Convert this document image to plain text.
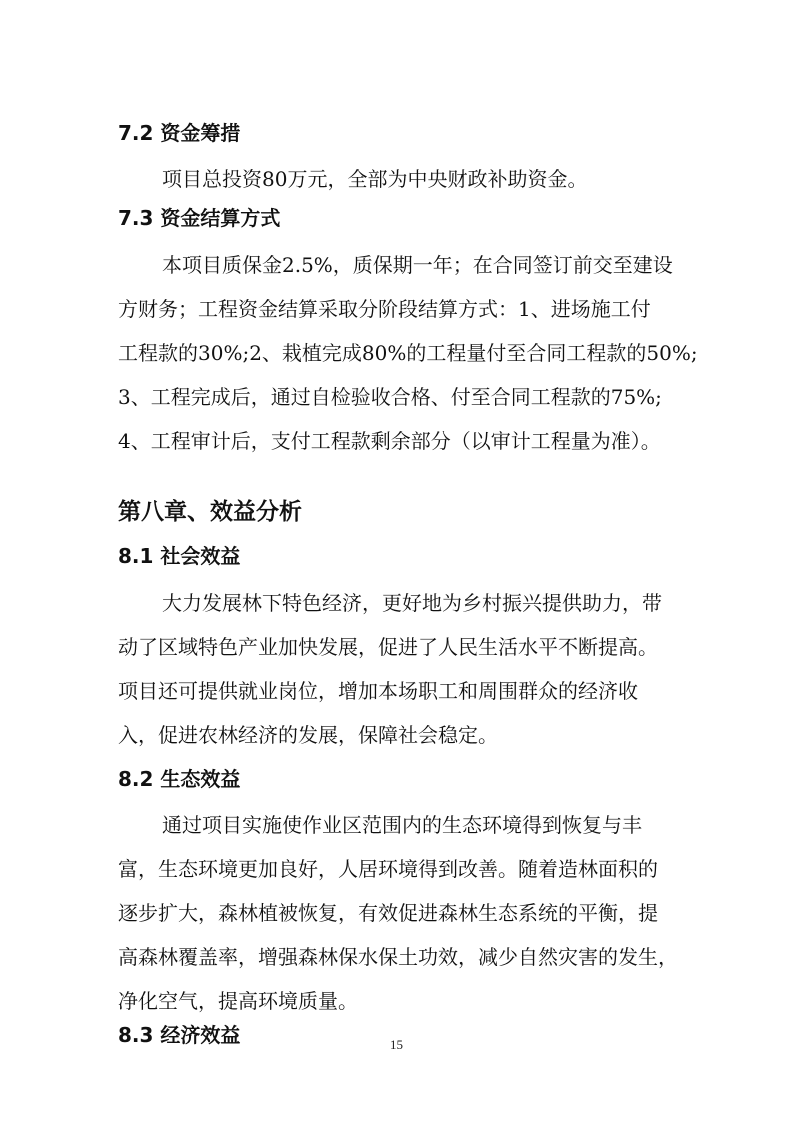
7.2 资金筹措
项目总投资80万元，全部为中央财政补助资金。
7.3 资金结算方式
本项目质保金2.5%，质保期一年；在合同签订前交至建设
方财务；工程资金结算采取分阶段结算方式：1、进场施工付
工程款的30%;2、栽植完成80%的工程量付至合同工程款的50%;
3、工程完成后，通过自检验收合格、付至合同工程款的75%;
4、工程审计后，支付工程款剩余部分（以审计工程量为准）。
第八章、效益分析
8.1 社会效益
大力发展林下特色经济，更好地为乡村振兴提供助力，带
动了区域特色产业加快发展，促进了人民生活水平不断提高。
项目还可提供就业岗位，增加本场职工和周围群众的经济收
入，促进农林经济的发展，保障社会稳定。
8.2 生态效益
通过项目实施使作业区范围内的生态环境得到恢复与丰
富，生态环境更加良好，人居环境得到改善。随着造林面积的
逐步扩大，森林植被恢复，有效促进森林生态系统的平衡，提
高森林覆盖率，增强森林保水保土功效，减少自然灾害的发生，
净化空气，提高环境质量。
8.3 经济效益	15
